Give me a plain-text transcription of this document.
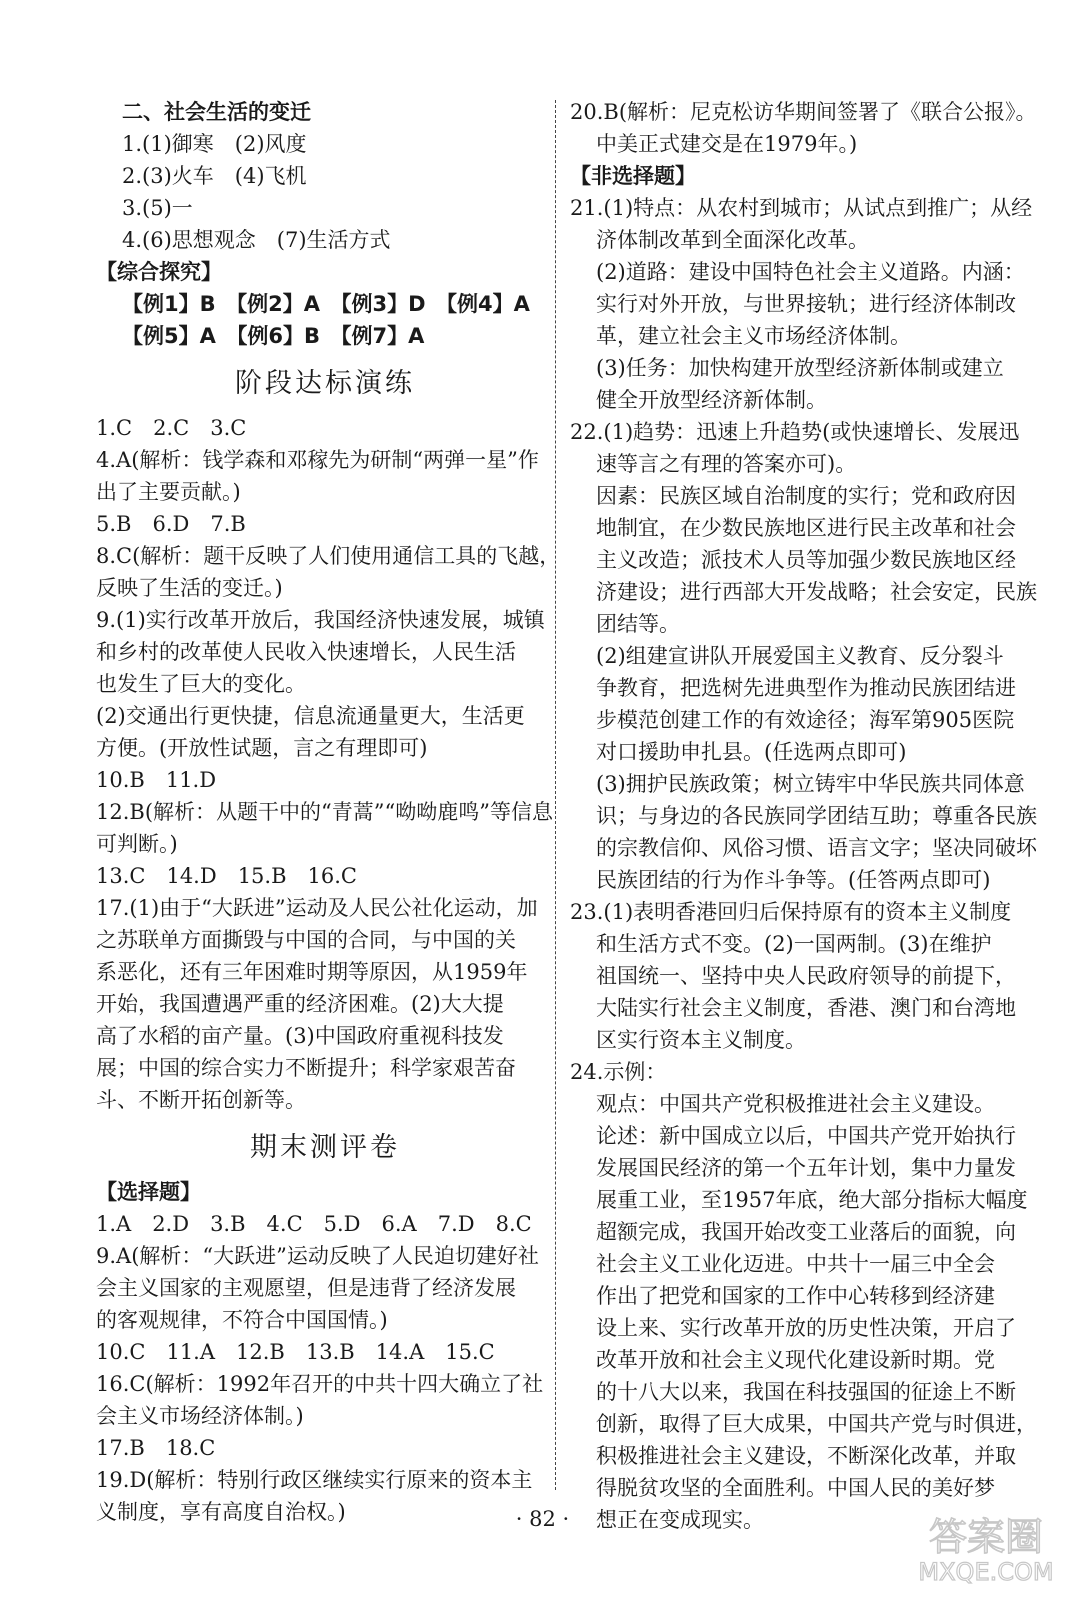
二、社会生活的变迁
1.(1)御寒　(2)风度
2.(3)火车　(4)飞机
3.(5)一
4.(6)思想观念　(7)生活方式
【综合探究】
【例1】B　【例2】A　【例3】D　【例4】A
【例5】A　【例6】B　【例7】A
阶段达标演练
1.C　2.C　3.C
4.A(解析：钱学森和邓稼先为研制“两弹一星”作
出了主要贡献。)
5.B　6.D　7.B
8.C(解析：题干反映了人们使用通信工具的飞越，
反映了生活的变迁。)
9.(1)实行改革开放后，我国经济快速发展，城镇
和乡村的改革使人民收入快速增长，人民生活
也发生了巨大的变化。
(2)交通出行更快捷，信息流通量更大，生活更
方便。(开放性试题，言之有理即可)
10.B　11.D
12.B(解析：从题干中的“青蒿”“呦呦鹿鸣”等信息
可判断。)
13.C　14.D　15.B　16.C
17.(1)由于“大跃进”运动及人民公社化运动，加
之苏联单方面撕毁与中国的合同，与中国的关
系恶化，还有三年困难时期等原因，从1959年
开始，我国遭遇严重的经济困难。(2)大大提
高了水稻的亩产量。(3)中国政府重视科技发
展；中国的综合实力不断提升；科学家艰苦奋
斗、不断开拓创新等。
期末测评卷
【选择题】
1.A　2.D　3.B　4.C　5.D　6.A　7.D　8.C
9.A(解析：“大跃进”运动反映了人民迫切建好社
会主义国家的主观愿望，但是违背了经济发展
的客观规律，不符合中国国情。)
10.C　11.A　12.B　13.B　14.A　15.C
16.C(解析：1992年召开的中共十四大确立了社
会主义市场经济体制。)
17.B　18.C
19.D(解析：特别行政区继续实行原来的资本主
义制度，享有高度自治权。)
20.B(解析：尼克松访华期间签署了《联合公报》。
中美正式建交是在1979年。)
【非选择题】
21.(1)特点：从农村到城市；从试点到推广；从经
济体制改革到全面深化改革。
(2)道路：建设中国特色社会主义道路。内涵：
实行对外开放，与世界接轨；进行经济体制改
革，建立社会主义市场经济体制。
(3)任务：加快构建开放型经济新体制或建立
健全开放型经济新体制。
22.(1)趋势：迅速上升趋势(或快速增长、发展迅
速等言之有理的答案亦可)。
因素：民族区域自治制度的实行；党和政府因
地制宜，在少数民族地区进行民主改革和社会
主义改造；派技术人员等加强少数民族地区经
济建设；进行西部大开发战略；社会安定，民族
团结等。
(2)组建宣讲队开展爱国主义教育、反分裂斗
争教育，把选树先进典型作为推动民族团结进
步模范创建工作的有效途径；海军第905医院
对口援助申扎县。(任选两点即可)
(3)拥护民族政策；树立铸牢中华民族共同体意
识；与身边的各民族同学团结互助；尊重各民族
的宗教信仰、风俗习惯、语言文字；坚决同破坏
民族团结的行为作斗争等。(任答两点即可)
23.(1)表明香港回归后保持原有的资本主义制度
和生活方式不变。(2)一国两制。(3)在维护
祖国统一、坚持中央人民政府领导的前提下，
大陆实行社会主义制度，香港、澳门和台湾地
区实行资本主义制度。
24.示例：
观点：中国共产党积极推进社会主义建设。
论述：新中国成立以后，中国共产党开始执行
发展国民经济的第一个五年计划，集中力量发
展重工业，至1957年底，绝大部分指标大幅度
超额完成，我国开始改变工业落后的面貌，向
社会主义工业化迈进。中共十一届三中全会
作出了把党和国家的工作中心转移到经济建
设上来、实行改革开放的历史性决策，开启了
改革开放和社会主义现代化建设新时期。党
的十八大以来，我国在科技强国的征途上不断
创新，取得了巨大成果，中国共产党与时俱进，
积极推进社会主义建设，不断深化改革，并取
得脱贫攻坚的全面胜利。中国人民的美好梦
想正在变成现实。
· 82 ·	答案圈
MXQE.COM
